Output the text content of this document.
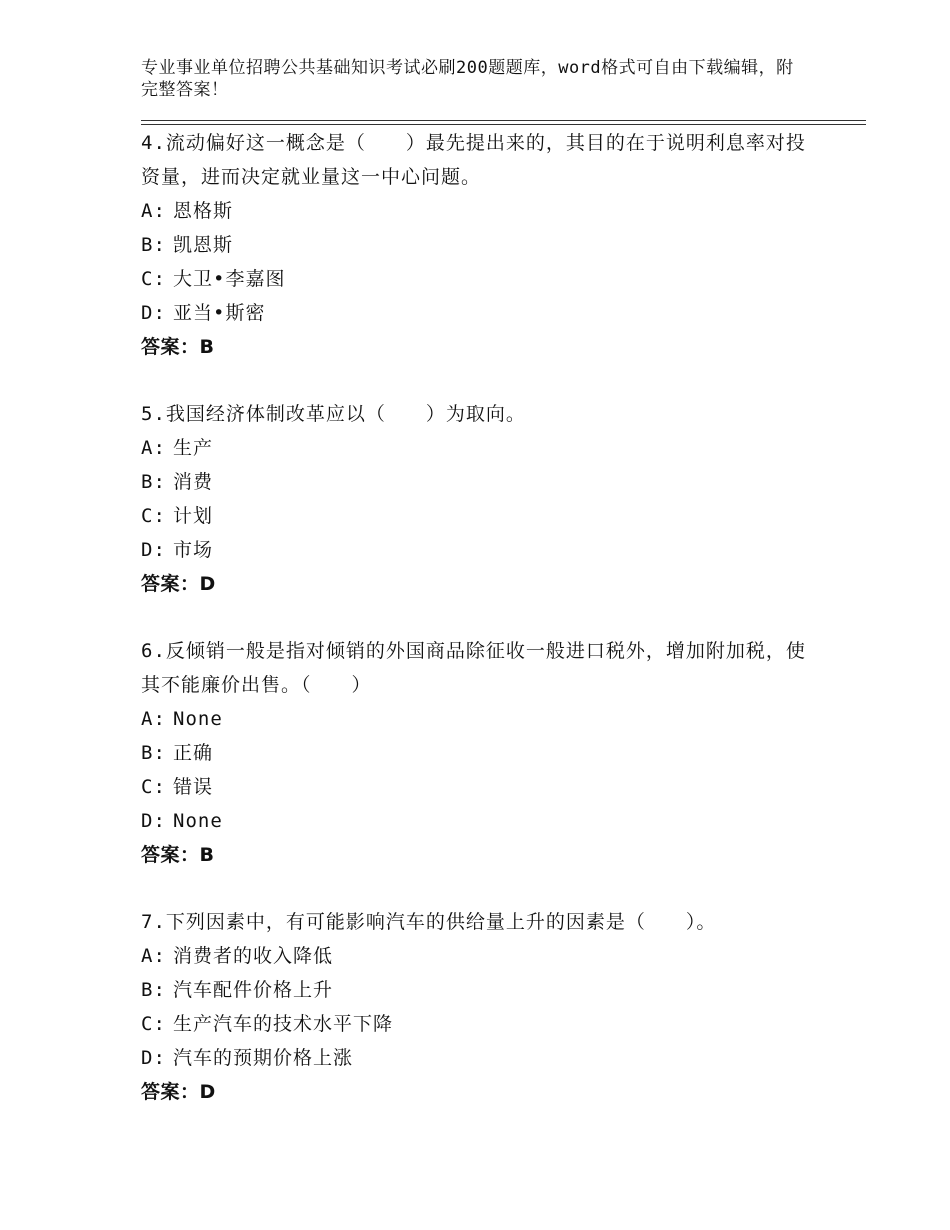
专业事业单位招聘公共基础知识考试必刷200题题库，word格式可自由下载编辑，附完整答案！
4.流动偏好这一概念是（　　）最先提出来的，其目的在于说明利息率对投资量，进而决定就业量这一中心问题。
A: 恩格斯
B: 凯恩斯
C: 大卫•李嘉图
D: 亚当•斯密
答案：B
5.我国经济体制改革应以（　　）为取向。
A: 生产
B: 消费
C: 计划
D: 市场
答案：D
6.反倾销一般是指对倾销的外国商品除征收一般进口税外，增加附加税，使其不能廉价出售。（　　）
A: None
B: 正确
C: 错误
D: None
答案：B
7.下列因素中，有可能影响汽车的供给量上升的因素是（　　）。
A: 消费者的收入降低
B: 汽车配件价格上升
C: 生产汽车的技术水平下降
D: 汽车的预期价格上涨
答案：D
